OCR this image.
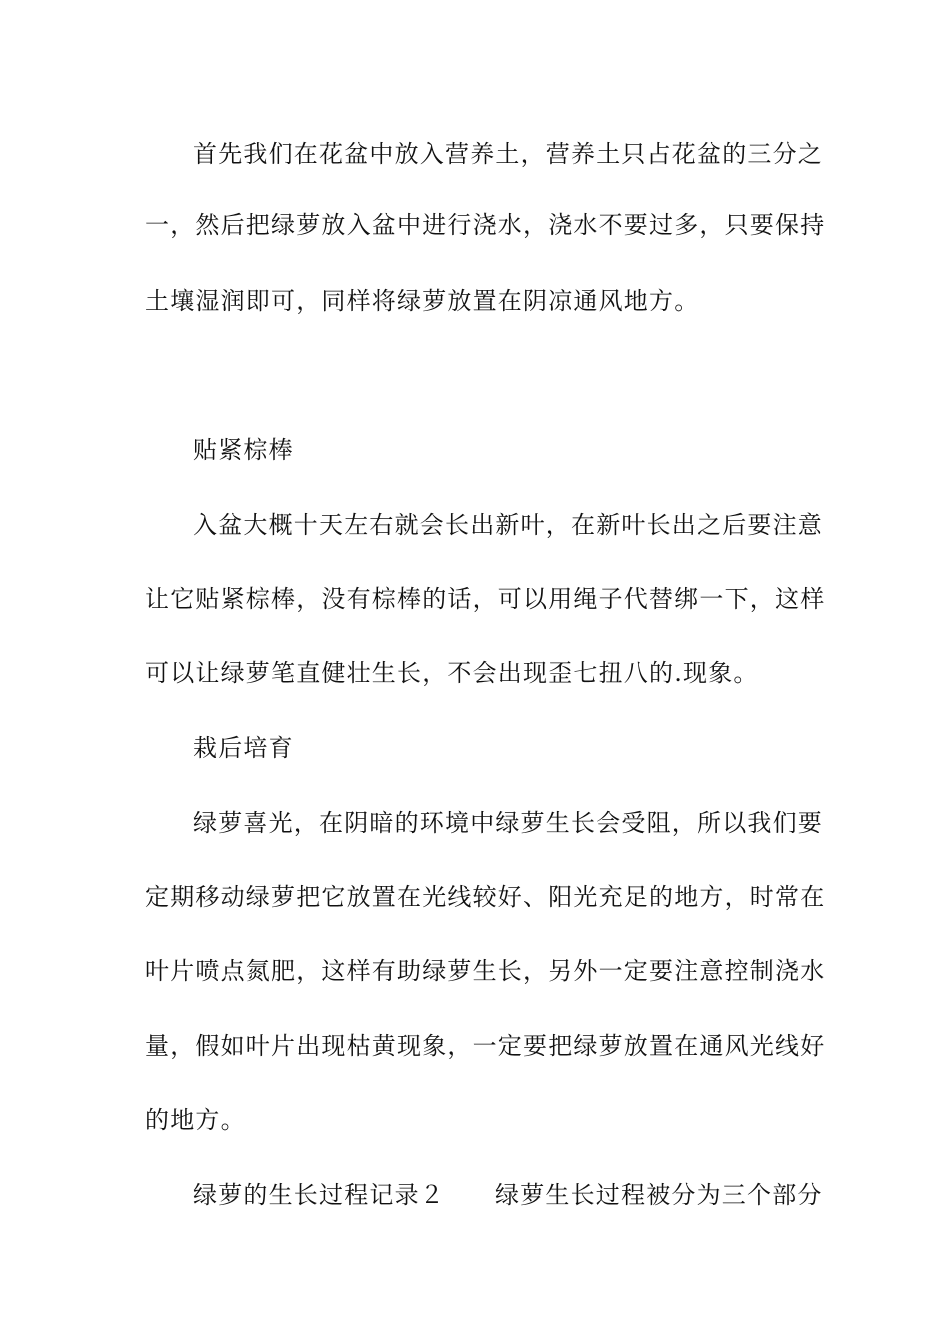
首先我们在花盆中放入营养土，营养土只占花盆的三分之
一，然后把绿萝放入盆中进行浇水，浇水不要过多，只要保持
土壤湿润即可，同样将绿萝放置在阴凉通风地方。
贴紧棕棒
入盆大概十天左右就会长出新叶，在新叶长出之后要注意
让它贴紧棕棒，没有棕棒的话，可以用绳子代替绑一下，这样
可以让绿萝笔直健壮生长，不会出现歪七扭八的.现象。
栽后培育
绿萝喜光，在阴暗的环境中绿萝生长会受阻，所以我们要
定期移动绿萝把它放置在光线较好、阳光充足的地方，时常在
叶片喷点氮肥，这样有助绿萝生长，另外一定要注意控制浇水
量，假如叶片出现枯黄现象，一定要把绿萝放置在通风光线好
的地方。
绿萝的生长过程记录２ 绿萝生长过程被分为三个部分
